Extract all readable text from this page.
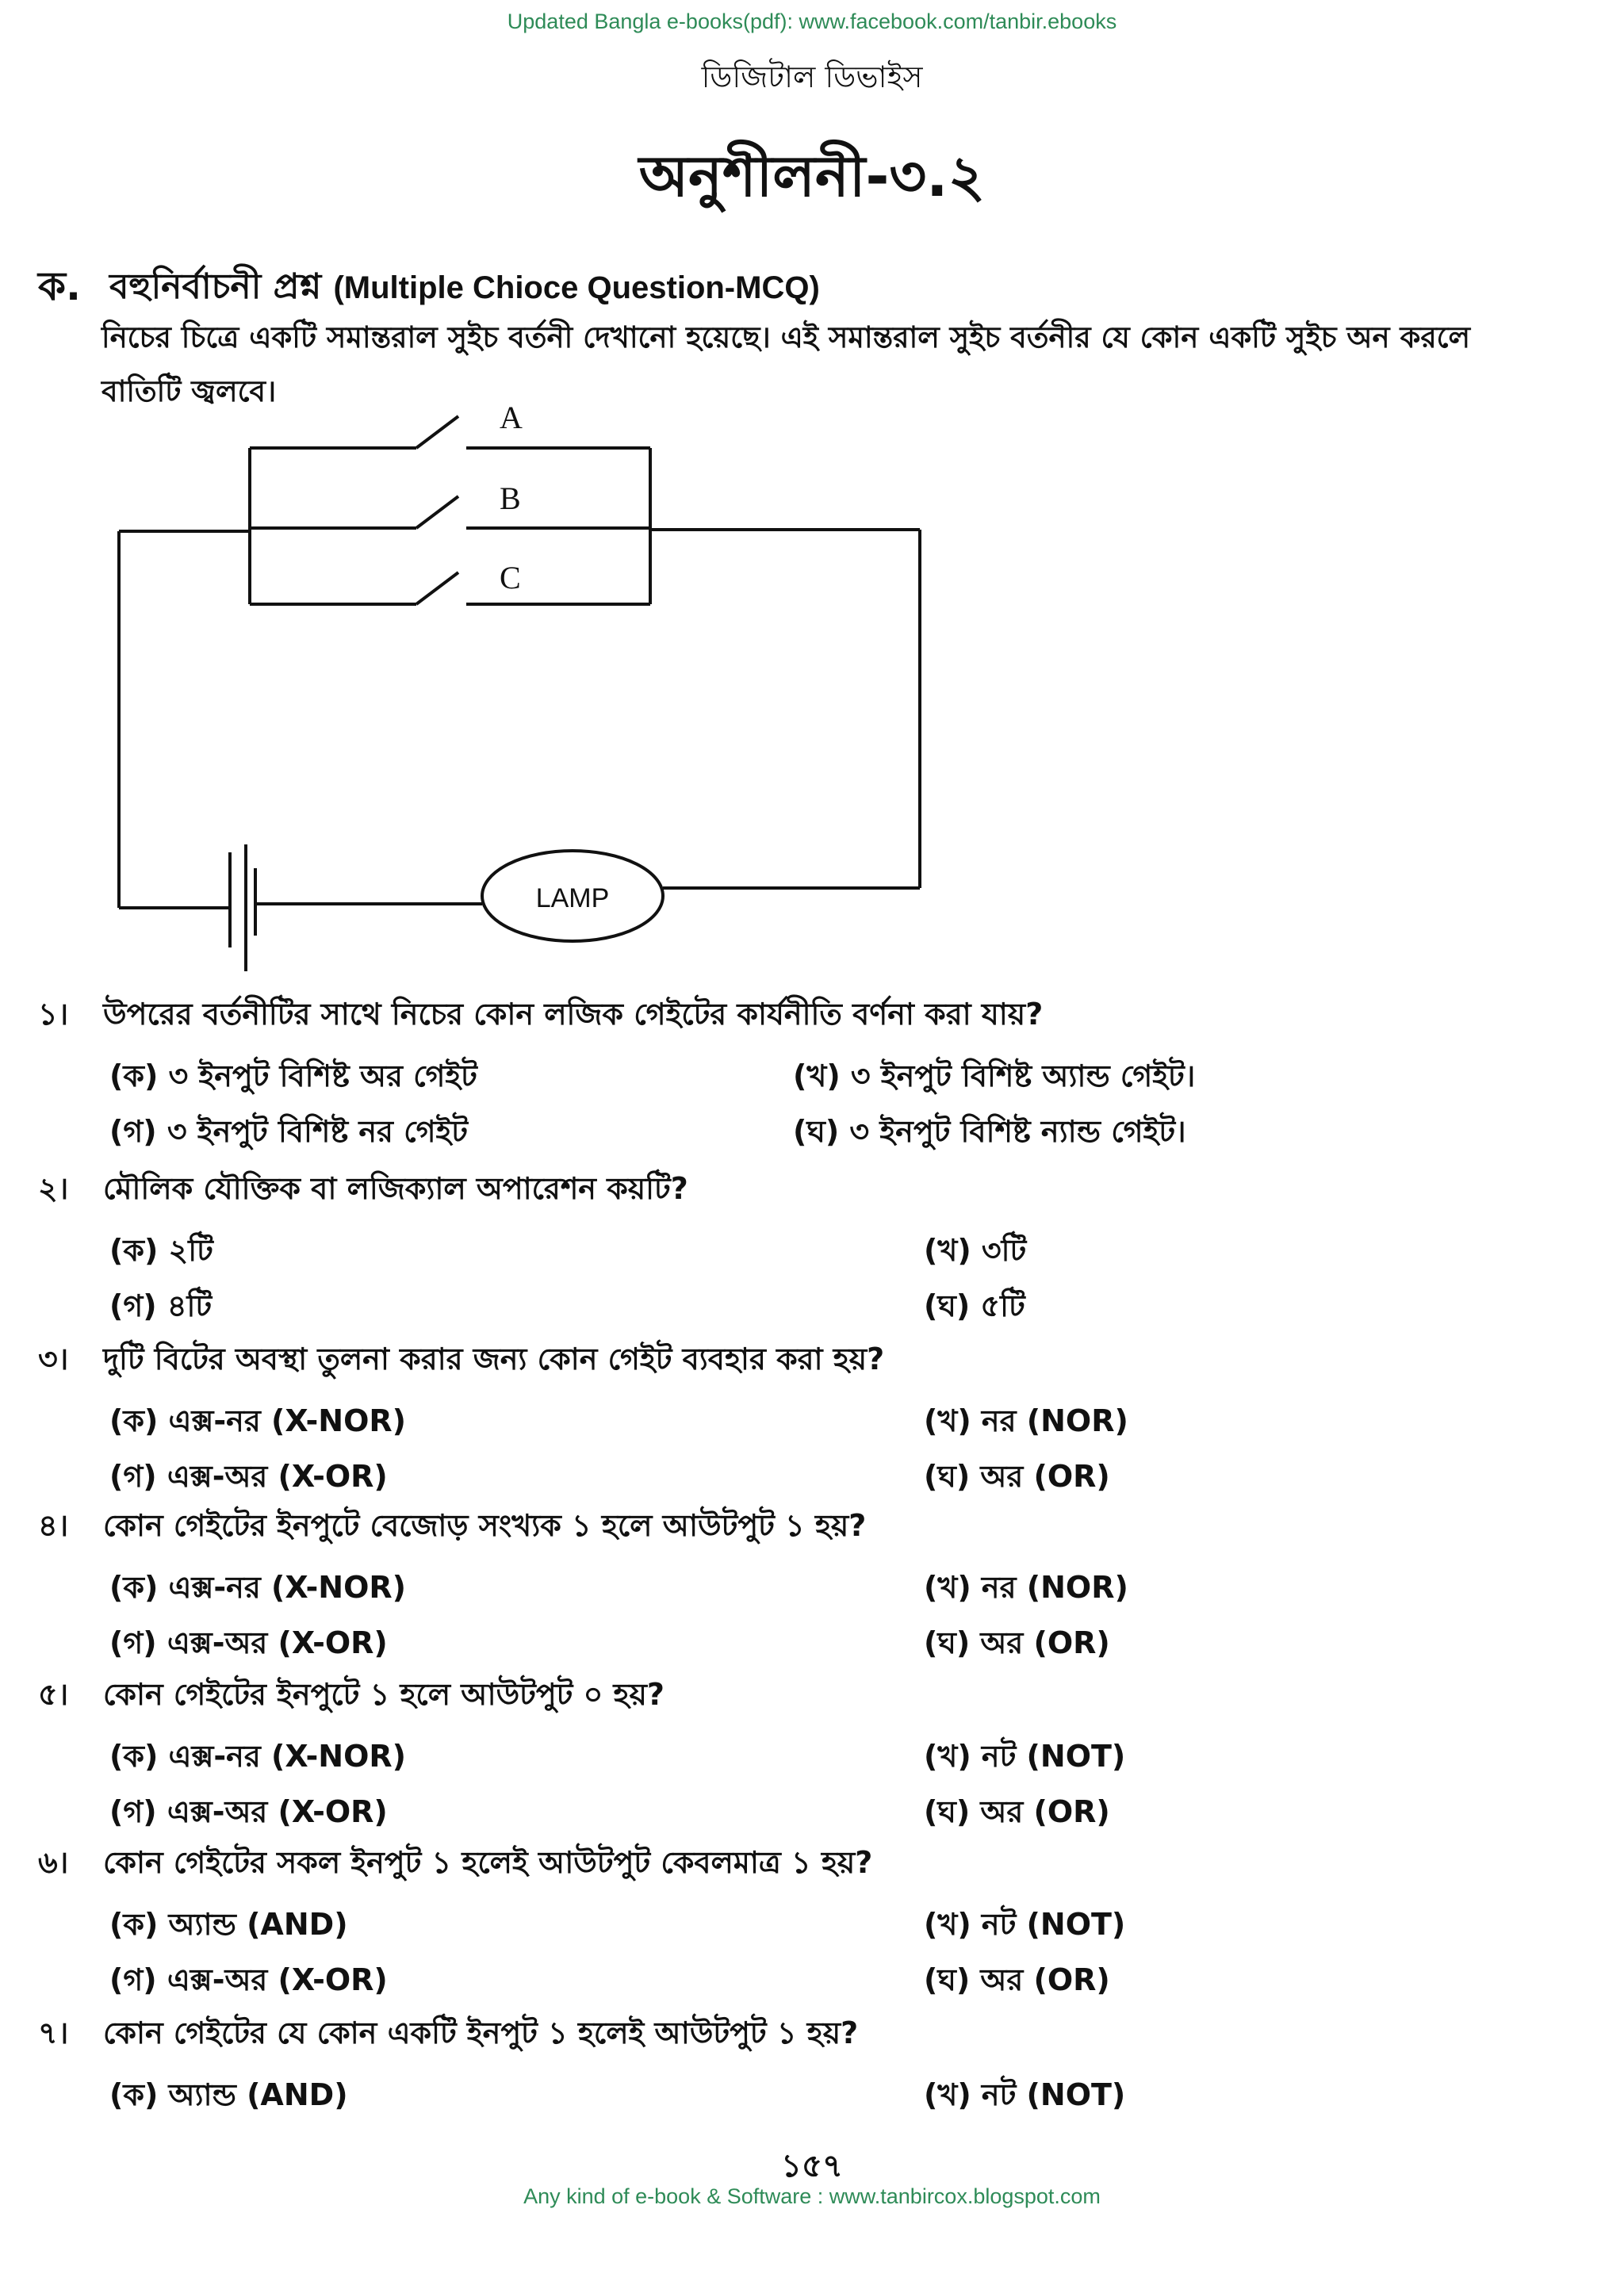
Updated Bangla e-books(pdf): www.facebook.com/tanbir.ebooks
ডিজিটাল ডিভাইস
অনুশীলনী-৩.২
ক. বহুনির্বাচনী প্রশ্ন (Multiple Chioce Question-MCQ)
নিচের চিত্রে একটি সমান্তরাল সুইচ বর্তনী দেখানো হয়েছে। এই সমান্তরাল সুইচ বর্তনীর যে কোন একটি সুইচ অন করলে বাতিটি জ্বলবে।
A
B
C
LAMP
১। উপরের বর্তনীটির সাথে নিচের কোন লজিক গেইটের কার্যনীতি বর্ণনা করা যায়?
(ক) ৩ ইনপুট বিশিষ্ট অর গেইট	(খ) ৩ ইনপুট বিশিষ্ট অ্যান্ড গেইট।
(গ) ৩ ইনপুট বিশিষ্ট নর গেইট	(ঘ) ৩ ইনপুট বিশিষ্ট ন্যান্ড গেইট।
২। মৌলিক যৌক্তিক বা লজিক্যাল অপারেশন কয়টি?
(ক) ২টি	(খ) ৩টি
(গ) ৪টি	(ঘ) ৫টি
৩। দুটি বিটের অবস্থা তুলনা করার জন্য কোন গেইট ব্যবহার করা হয়?
(ক) এক্স-নর (X-NOR)	(খ) নর (NOR)
(গ) এক্স-অর (X-OR)	(ঘ) অর (OR)
৪। কোন গেইটের ইনপুটে বেজোড় সংখ্যক ১ হলে আউটপুট ১ হয়?
(ক) এক্স-নর (X-NOR)	(খ) নর (NOR)
(গ) এক্স-অর (X-OR)	(ঘ) অর (OR)
৫। কোন গেইটের ইনপুটে ১ হলে আউটপুট ০ হয়?
(ক) এক্স-নর (X-NOR)	(খ) নট (NOT)
(গ) এক্স-অর (X-OR)	(ঘ) অর (OR)
৬। কোন গেইটের সকল ইনপুট ১ হলেই আউটপুট কেবলমাত্র ১ হয়?
(ক) অ্যান্ড (AND)	(খ) নট (NOT)
(গ) এক্স-অর (X-OR)	(ঘ) অর (OR)
৭। কোন গেইটের যে কোন একটি ইনপুট ১ হলেই আউটপুট ১ হয়?
(ক) অ্যান্ড (AND)	(খ) নট (NOT)
১৫৭
Any kind of e-book & Software : www.tanbircox.blogspot.com
